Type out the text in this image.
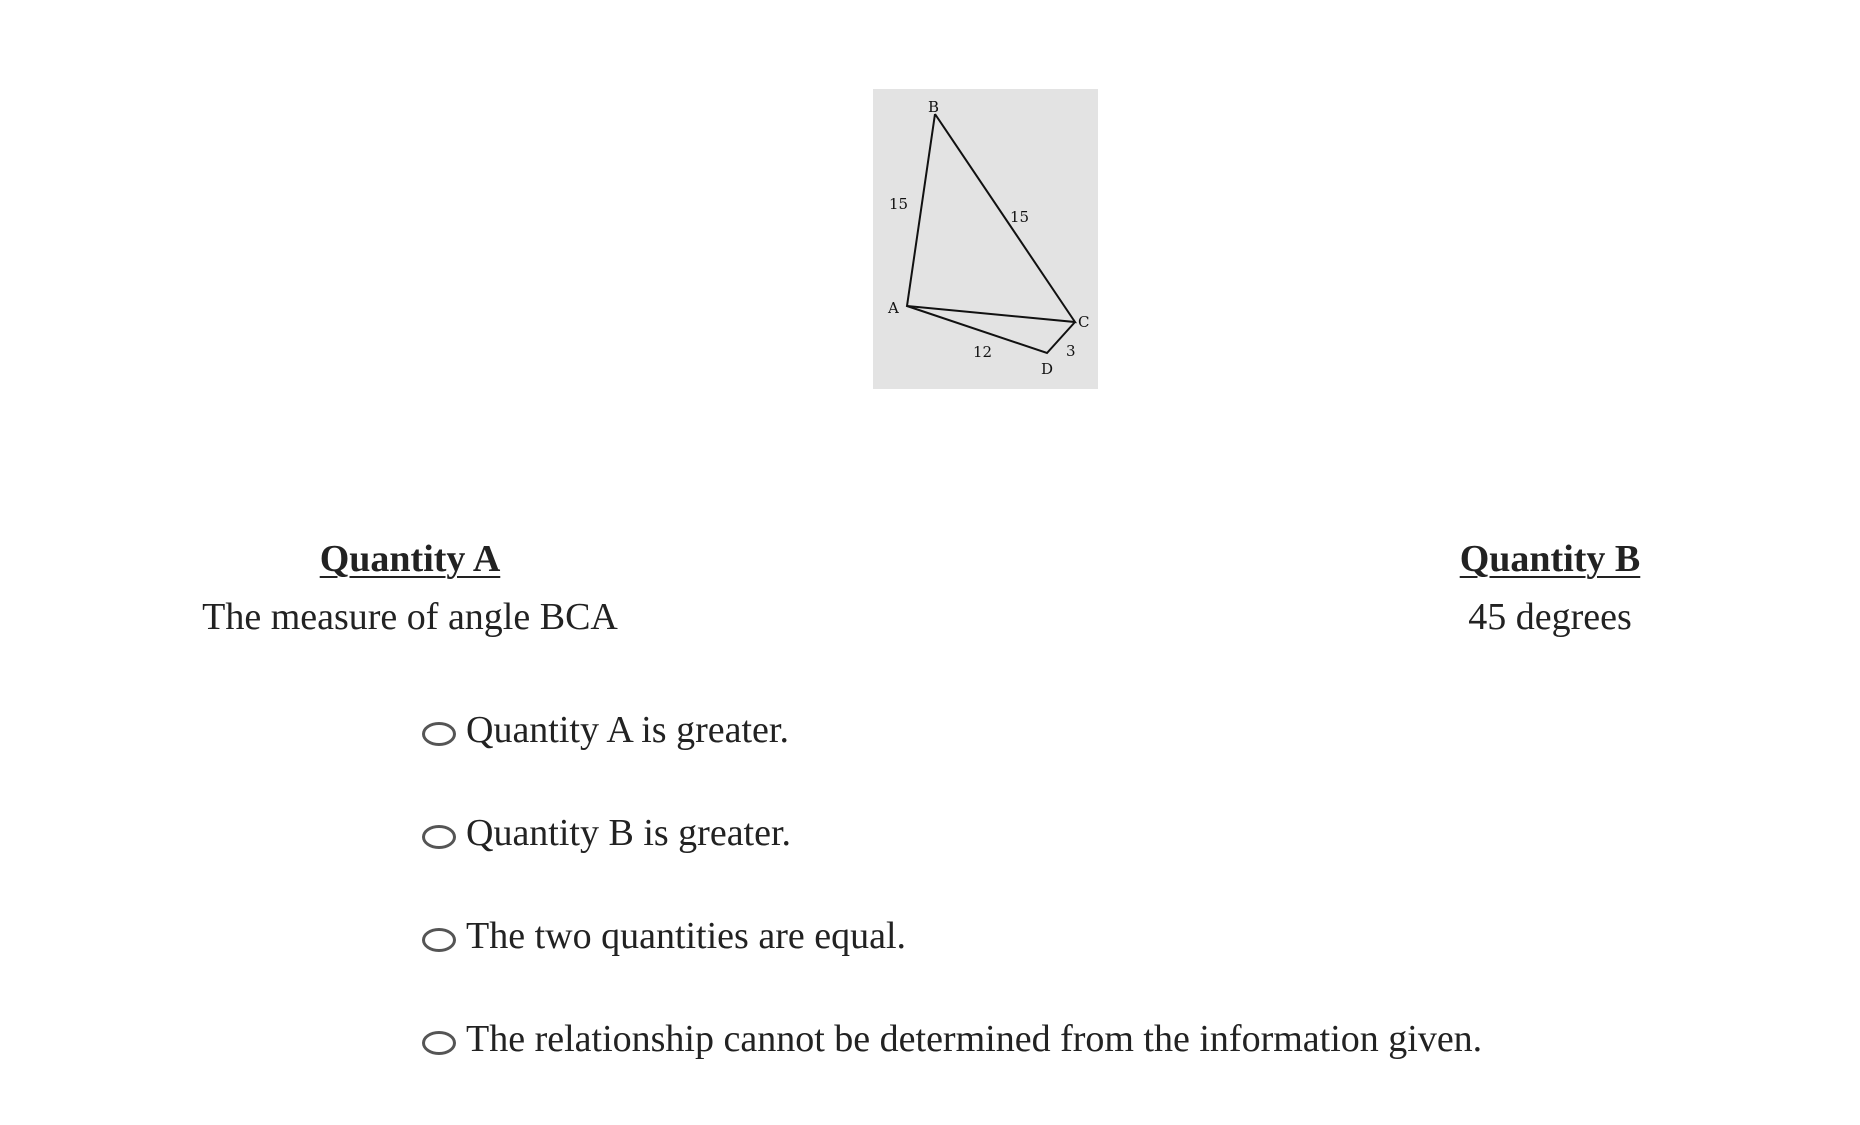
B
A
C
D
15
15
12	3
Quantity A
The measure of angle BCA
Quantity B
45 degrees
Quantity A is greater.
Quantity B is greater.
The two quantities are equal.
The relationship cannot be determined from the information given.
